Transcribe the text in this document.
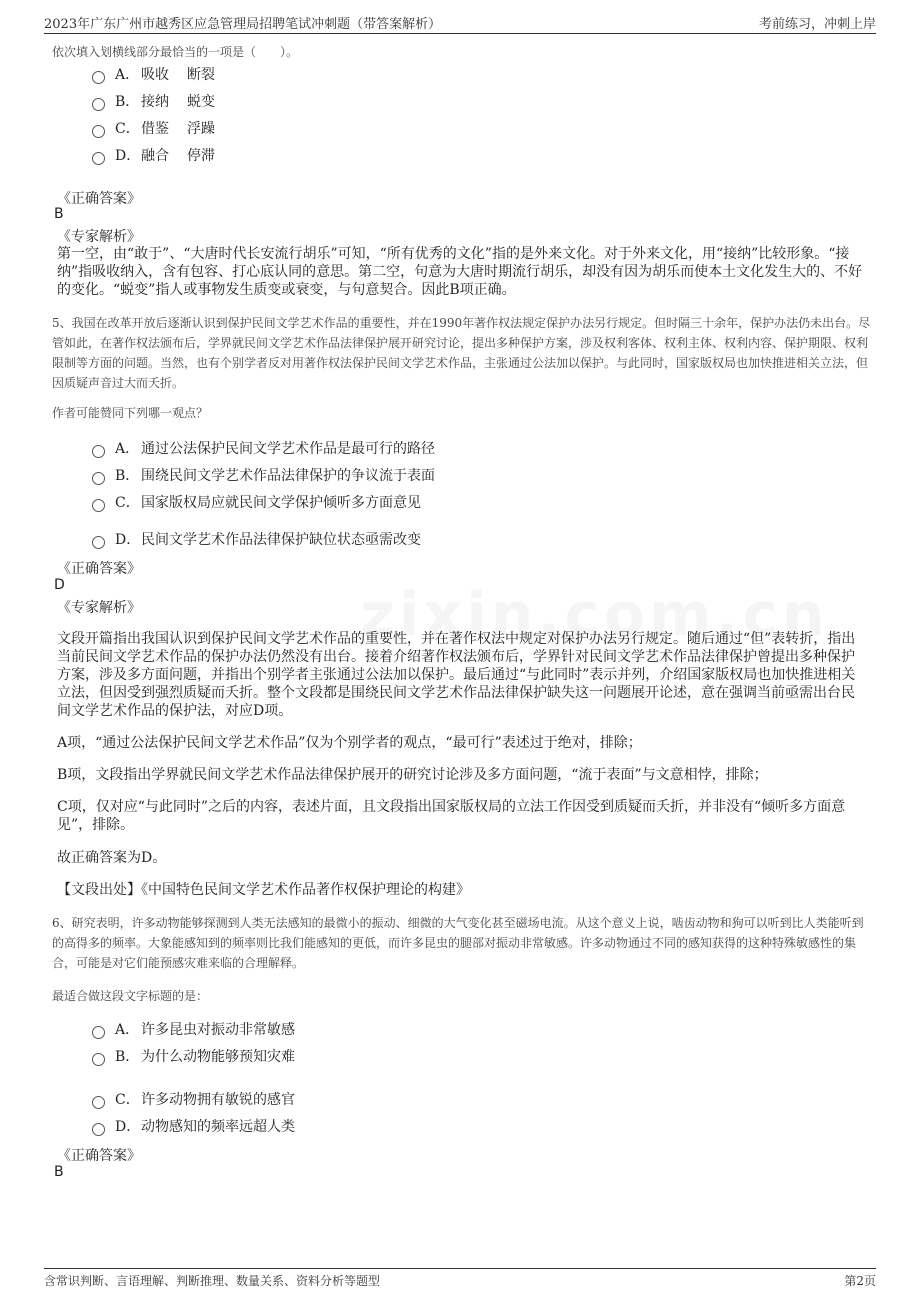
2023年广东广州市越秀区应急管理局招聘笔试冲刺题（带答案解析）	考前练习，冲刺上岸
依次填入划横线部分最恰当的一项是（　　）。
A． 吸收 断裂
B． 接纳 蜕变
C． 借鉴 浮躁
D． 融合 停滞
《正确答案》
B
《专家解析》
第一空，由“敢于”、“大唐时代长安流行胡乐”可知，“所有优秀的文化”指的是外来文化。对于外来文化，用“接纳”比较形象。“接纳”指吸收纳入，含有包容、打心底认同的意思。第二空，句意为大唐时期流行胡乐，却没有因为胡乐而使本土文化发生大的、不好的变化。“蜕变”指人或事物发生质变或衰变，与句意契合。因此B项正确。
5、我国在改革开放后逐渐认识到保护民间文学艺术作品的重要性，并在1990年著作权法规定保护办法另行规定。但时隔三十余年，保护办法仍未出台。尽管如此，在著作权法颁布后，学界就民间文学艺术作品法律保护展开研究讨论，提出多种保护方案，涉及权利客体、权利主体、权利内容、保护期限、权利限制等方面的问题。当然，也有个别学者反对用著作权法保护民间文学艺术作品，主张通过公法加以保护。与此同时，国家版权局也加快推进相关立法，但因质疑声音过大而夭折。
作者可能赞同下列哪一观点？
A． 通过公法保护民间文学艺术作品是最可行的路径
B． 围绕民间文学艺术作品法律保护的争议流于表面
C． 国家版权局应就民间文学保护倾听多方面意见
D． 民间文学艺术作品法律保护缺位状态亟需改变
《正确答案》
D
《专家解析》
文段开篇指出我国认识到保护民间文学艺术作品的重要性，并在著作权法中规定对保护办法另行规定。随后通过“但”表转折，指出当前民间文学艺术作品的保护办法仍然没有出台。接着介绍著作权法颁布后，学界针对民间文学艺术作品法律保护曾提出多种保护方案，涉及多方面问题，并指出个别学者主张通过公法加以保护。最后通过“与此同时”表示并列，介绍国家版权局也加快推进相关立法，但因受到强烈质疑而夭折。整个文段都是围绕民间文学艺术作品法律保护缺失这一问题展开论述，意在强调当前亟需出台民间文学艺术作品的保护法，对应D项。
A项，“通过公法保护民间文学艺术作品”仅为个别学者的观点，“最可行”表述过于绝对，排除；
B项，文段指出学界就民间文学艺术作品法律保护展开的研究讨论涉及多方面问题，“流于表面”与文意相悖，排除；
C项，仅对应“与此同时”之后的内容，表述片面，且文段指出国家版权局的立法工作因受到质疑而夭折，并非没有“倾听多方面意见”，排除。
故正确答案为D。
【文段出处】《中国特色民间文学艺术作品著作权保护理论的构建》
6、研究表明，许多动物能够探测到人类无法感知的最微小的振动、细微的大气变化甚至磁场电流。从这个意义上说，啮齿动物和狗可以听到比人类能听到的高得多的频率。大象能感知到的频率则比我们能感知的更低，而许多昆虫的腿部对振动非常敏感。许多动物通过不同的感知获得的这种特殊敏感性的集合，可能是对它们能预感灾难来临的合理解释。
最适合做这段文字标题的是：
A． 许多昆虫对振动非常敏感
B． 为什么动物能够预知灾难
C． 许多动物拥有敏锐的感官
D． 动物感知的频率远超人类
《正确答案》
B
含常识判断、言语理解、判断推理、数量关系、资料分析等题型	第2页
